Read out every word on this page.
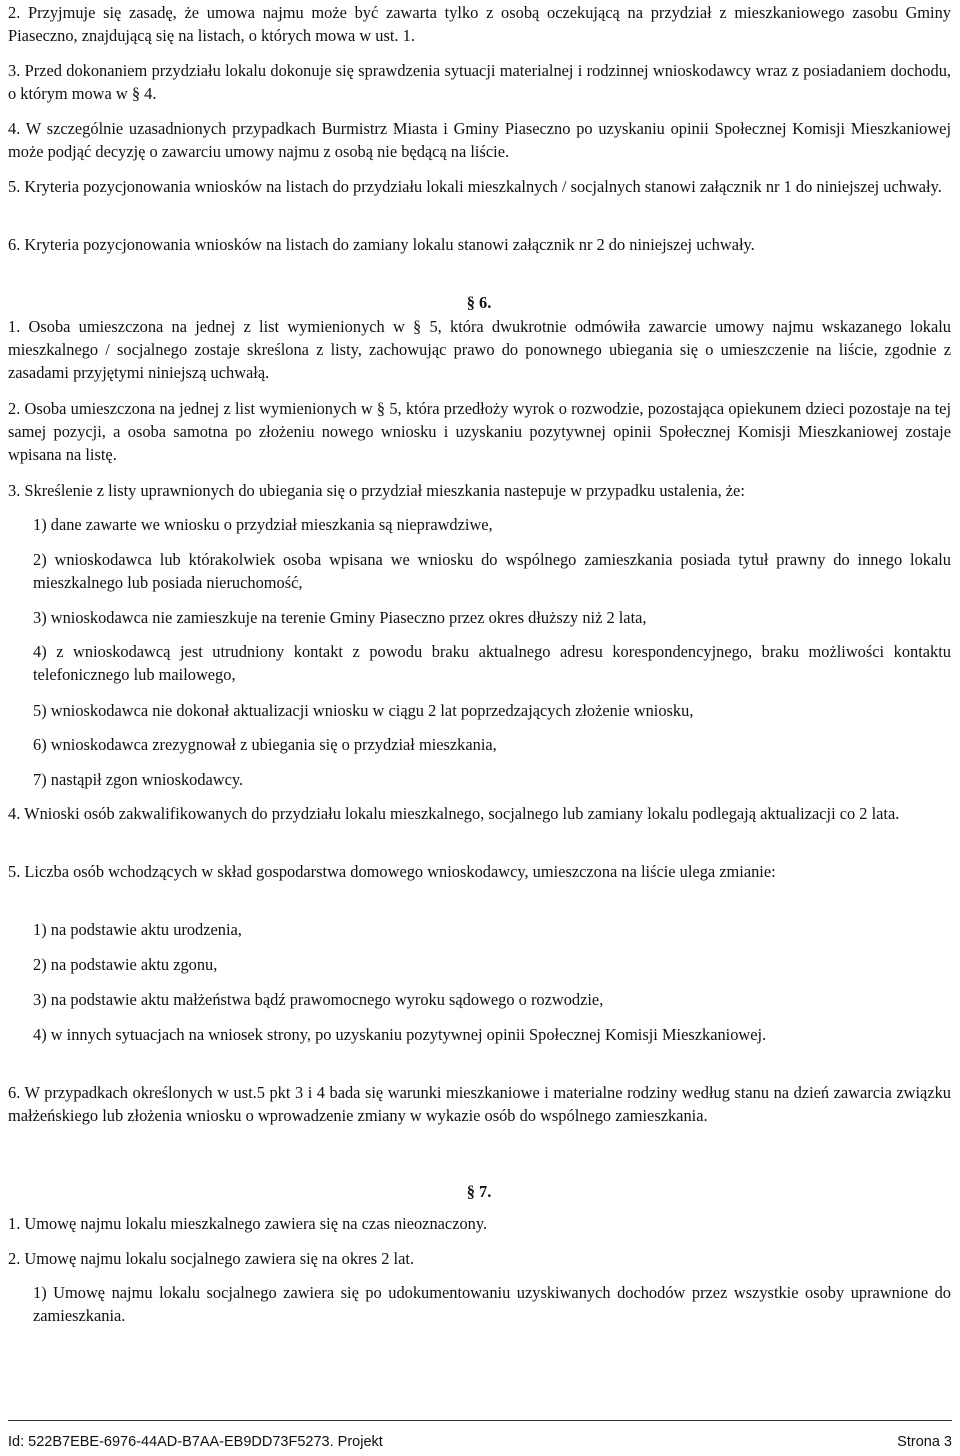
2. Przyjmuje się zasadę, że umowa najmu może być zawarta tylko z osobą oczekującą na przydział z mieszkaniowego zasobu Gminy Piaseczno, znajdującą się na listach, o których mowa w ust. 1.

3. Przed dokonaniem przydziału lokalu dokonuje się sprawdzenia sytuacji materialnej i rodzinnej wnioskodawcy wraz z posiadaniem dochodu, o którym mowa w § 4.

4. W szczególnie uzasadnionych przypadkach Burmistrz Miasta i Gminy Piaseczno po uzyskaniu opinii Społecznej Komisji Mieszkaniowej może podjąć decyzję o zawarciu umowy najmu z osobą nie będącą na liście.

5. Kryteria pozycjonowania wniosków na listach do przydziału lokali mieszkalnych / socjalnych stanowi załącznik nr 1 do niniejszej uchwały.

6. Kryteria pozycjonowania wniosków na listach do zamiany lokalu stanowi załącznik nr 2 do niniejszej uchwały.

§ 6.

1. Osoba umieszczona na jednej z list wymienionych w § 5, która dwukrotnie odmówiła zawarcie umowy najmu wskazanego lokalu mieszkalnego / socjalnego zostaje skreślona z listy, zachowując prawo do ponownego ubiegania się o umieszczenie na liście, zgodnie z zasadami przyjętymi niniejszą uchwałą.

2. Osoba umieszczona na jednej z list wymienionych w § 5, która przedłoży wyrok o rozwodzie, pozostająca opiekunem dzieci pozostaje na tej samej pozycji, a osoba samotna po złożeniu nowego wniosku i uzyskaniu pozytywnej opinii Społecznej Komisji Mieszkaniowej zostaje wpisana na listę.

3. Skreślenie z listy uprawnionych do ubiegania się o przydział mieszkania nastepuje w przypadku ustalenia, że:

1) dane zawarte we wniosku o przydział mieszkania są nieprawdziwe,

2) wnioskodawca lub którakolwiek osoba wpisana we wniosku do wspólnego zamieszkania posiada tytuł prawny do innego lokalu mieszkalnego lub posiada nieruchomość,

3) wnioskodawca nie zamieszkuje na terenie Gminy Piaseczno przez okres dłuższy niż 2 lata,

4) z wnioskodawcą jest utrudniony kontakt z powodu braku aktualnego adresu korespondencyjnego, braku możliwości kontaktu telefonicznego lub mailowego,

5) wnioskodawca nie dokonał aktualizacji wniosku w ciągu 2 lat poprzedzających złożenie wniosku,

6) wnioskodawca zrezygnował z ubiegania się o przydział mieszkania,

7) nastąpił zgon wnioskodawcy.

4. Wnioski osób zakwalifikowanych do przydziału lokalu mieszkalnego, socjalnego lub zamiany lokalu podlegają aktualizacji co 2 lata.

5. Liczba osób wchodzących w skład gospodarstwa domowego wnioskodawcy, umieszczona na liście ulega zmianie:

1) na podstawie aktu urodzenia,

2) na podstawie aktu zgonu,

3) na podstawie aktu małżeństwa bądź prawomocnego wyroku sądowego o rozwodzie,

4) w innych sytuacjach na wniosek strony, po uzyskaniu pozytywnej opinii Społecznej Komisji Mieszkaniowej.

6. W przypadkach określonych w ust.5 pkt 3 i 4 bada się warunki mieszkaniowe i materialne rodziny według stanu na dzień zawarcia związku małżeńskiego lub złożenia wniosku o wprowadzenie zmiany w wykazie osób do wspólnego zamieszkania.

§ 7.

1. Umowę najmu lokalu mieszkalnego zawiera się na czas nieoznaczony.

2. Umowę najmu lokalu socjalnego zawiera się na okres 2 lat.

1) Umowę najmu lokalu socjalnego zawiera się po udokumentowaniu uzyskiwanych dochodów przez wszystkie osoby uprawnione do zamieszkania.

Id: 522B7EBE-6976-44AD-B7AA-EB9DD73F5273. Projekt	Strona 3
